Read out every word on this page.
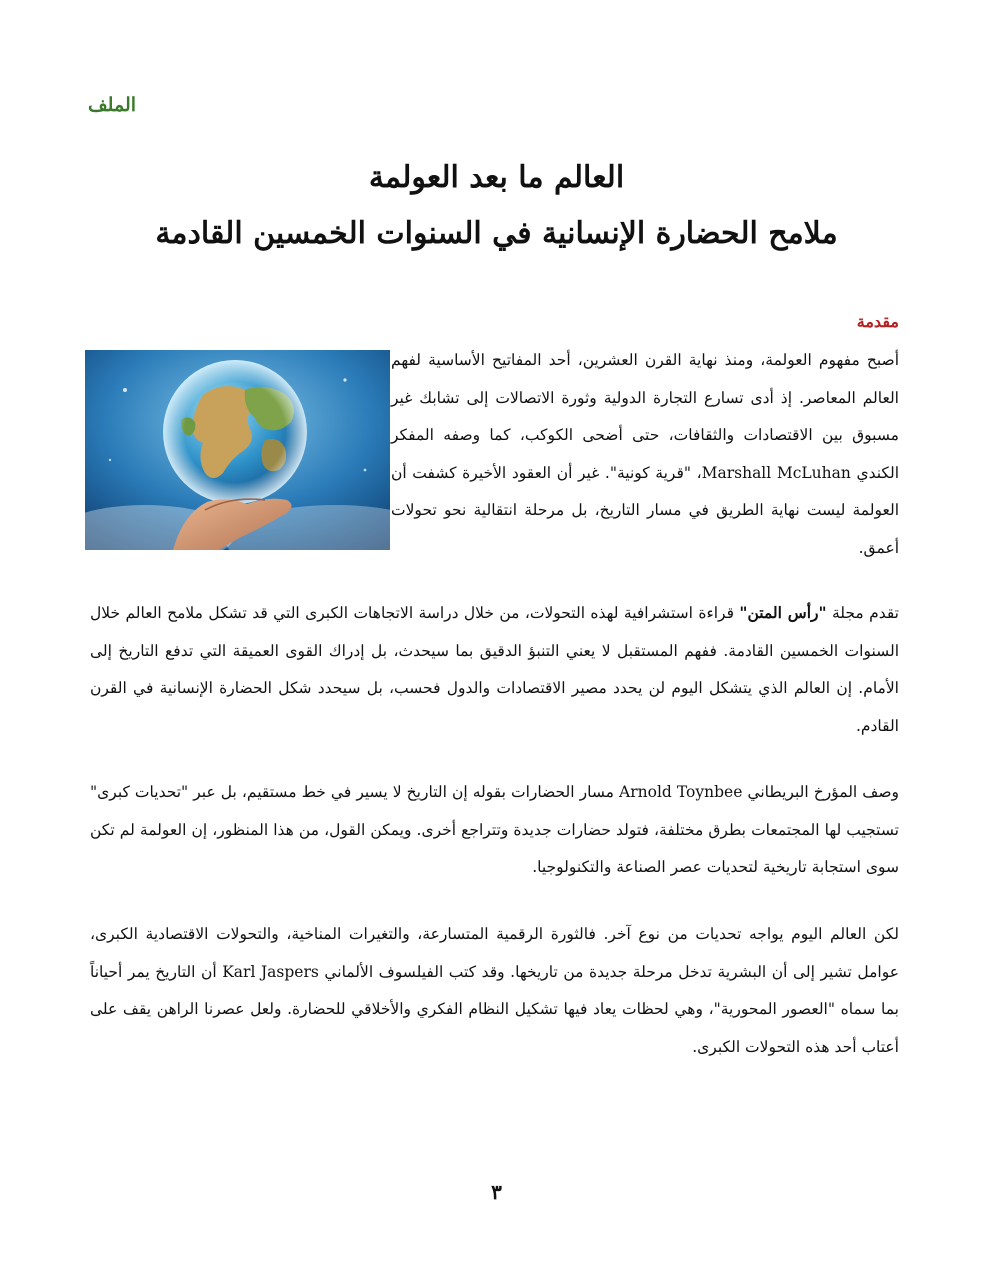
الملف
العالم ما بعد العولمة
ملامح الحضارة الإنسانية في السنوات الخمسين القادمة
مقدمة
أصبح مفهوم العولمة، ومنذ نهاية القرن العشرين، أحد المفاتيح الأساسية لفهم العالم المعاصر. إذ أدى تسارع التجارة الدولية وثورة الاتصالات إلى تشابك غير مسبوق بين الاقتصادات والثقافات، حتى أضحى الكوكب، كما وصفه المفكر الكندي Marshall McLuhan، "قرية كونية". غير أن العقود الأخيرة كشفت أن العولمة ليست نهاية الطريق في مسار التاريخ، بل مرحلة انتقالية نحو تحولات أعمق.

تقدم مجلة "رأس المتن" قراءة استشرافية لهذه التحولات، من خلال دراسة الاتجاهات الكبرى التي قد تشكل ملامح العالم خلال السنوات الخمسين القادمة. ففهم المستقبل لا يعني التنبؤ الدقيق بما سيحدث، بل إدراك القوى العميقة التي تدفع التاريخ إلى الأمام. إن العالم الذي يتشكل اليوم لن يحدد مصير الاقتصادات والدول فحسب، بل سيحدد شكل الحضارة الإنسانية في القرن القادم.

وصف المؤرخ البريطاني Arnold Toynbee مسار الحضارات بقوله إن التاريخ لا يسير في خط مستقيم، بل عبر "تحديات كبرى" تستجيب لها المجتمعات بطرق مختلفة، فتولد حضارات جديدة وتتراجع أخرى. ويمكن القول، من هذا المنظور، إن العولمة لم تكن سوى استجابة تاريخية لتحديات عصر الصناعة والتكنولوجيا.

لكن العالم اليوم يواجه تحديات من نوع آخر. فالثورة الرقمية المتسارعة، والتغيرات المناخية، والتحولات الاقتصادية الكبرى، عوامل تشير إلى أن البشرية تدخل مرحلة جديدة من تاريخها. وقد كتب الفيلسوف الألماني Karl Jaspers أن التاريخ يمر أحياناً بما سماه "العصور المحورية"، وهي لحظات يعاد فيها تشكيل النظام الفكري والأخلاقي للحضارة. ولعل عصرنا الراهن يقف على أعتاب أحد هذه التحولات الكبرى.

٣
